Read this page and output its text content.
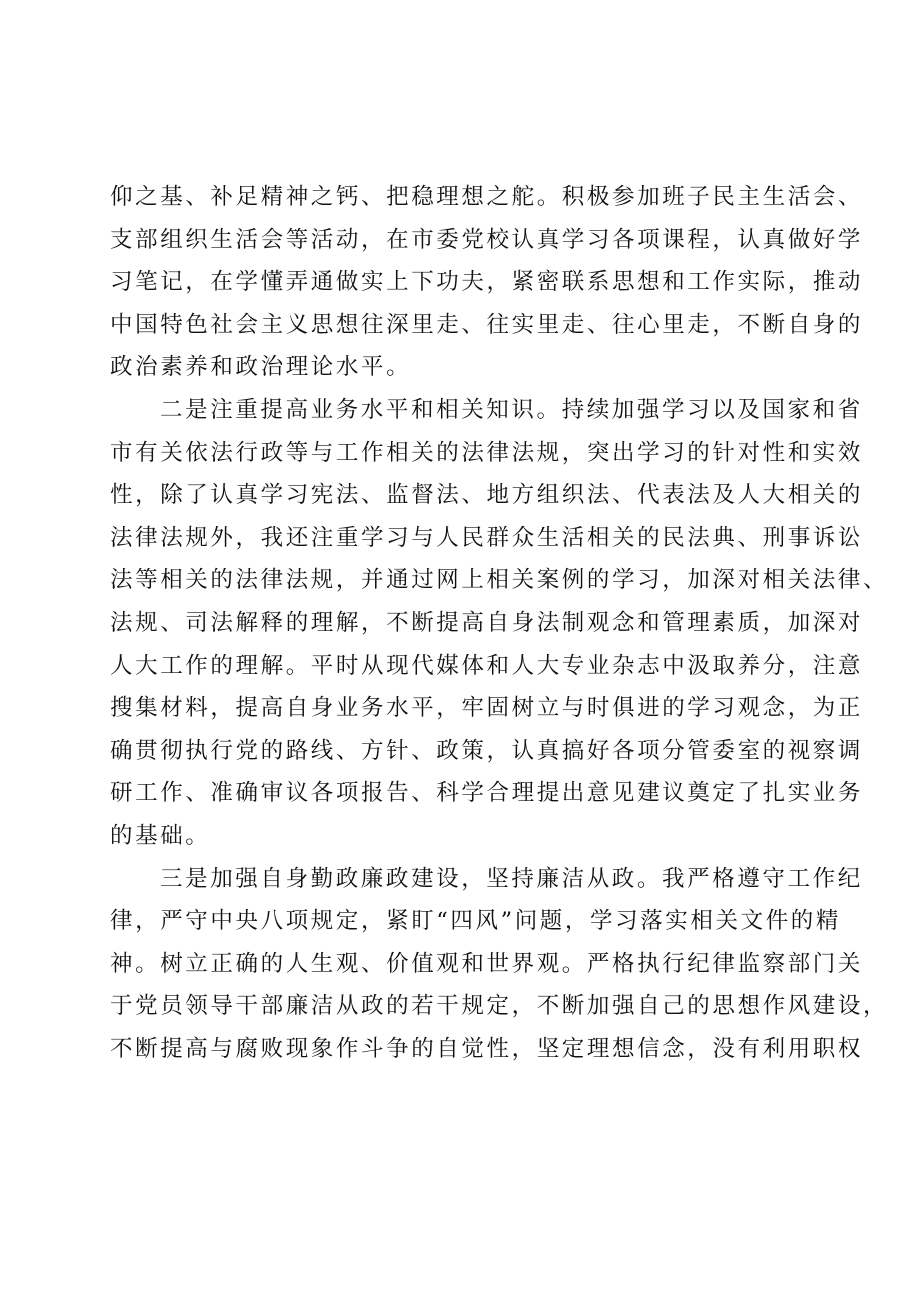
仰之基、补足精神之钙、把稳理想之舵。积极参加班子民主生活会、
支部组织生活会等活动，在市委党校认真学习各项课程，认真做好学
习笔记，在学懂弄通做实上下功夫，紧密联系思想和工作实际，推动
中国特色社会主义思想往深里走、往实里走、往心里走，不断自身的
政治素养和政治理论水平。
二是注重提高业务水平和相关知识。持续加强学习以及国家和省
市有关依法行政等与工作相关的法律法规，突出学习的针对性和实效
性，除了认真学习宪法、监督法、地方组织法、代表法及人大相关的
法律法规外，我还注重学习与人民群众生活相关的民法典、刑事诉讼
法等相关的法律法规，并通过网上相关案例的学习，加深对相关法律、
法规、司法解释的理解，不断提高自身法制观念和管理素质，加深对
人大工作的理解。平时从现代媒体和人大专业杂志中汲取养分，注意
搜集材料，提高自身业务水平，牢固树立与时俱进的学习观念，为正
确贯彻执行党的路线、方针、政策，认真搞好各项分管委室的视察调
研工作、准确审议各项报告、科学合理提出意见建议奠定了扎实业务
的基础。
三是加强自身勤政廉政建设，坚持廉洁从政。我严格遵守工作纪
律，严守中央八项规定，紧盯“四风”问题，学习落实相关文件的精
神。树立正确的人生观、价值观和世界观。严格执行纪律监察部门关
于党员领导干部廉洁从政的若干规定，不断加强自己的思想作风建设，
不断提高与腐败现象作斗争的自觉性，坚定理想信念，没有利用职权
